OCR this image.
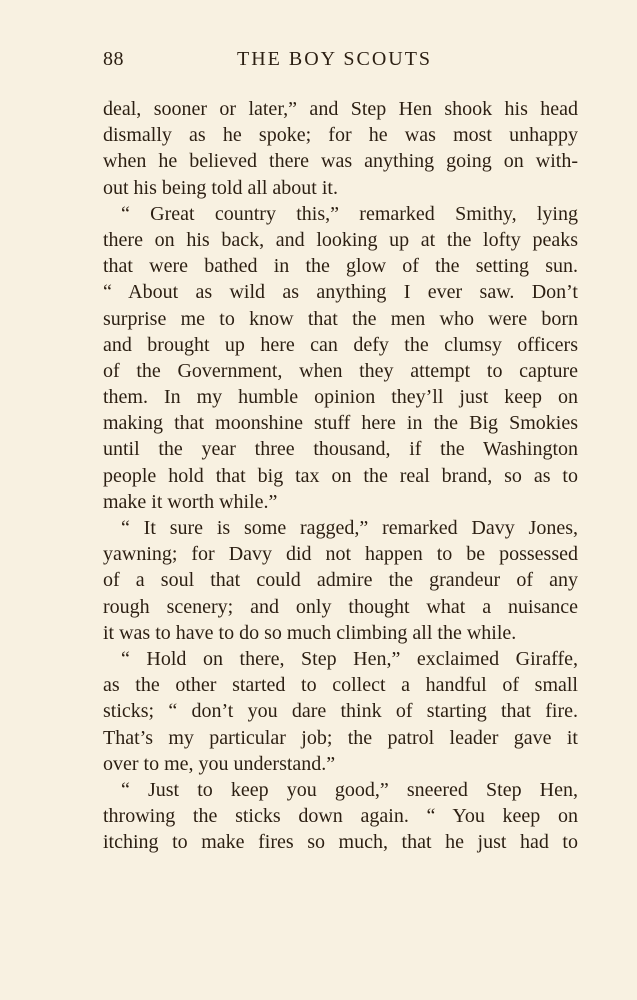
88	THE BOY SCOUTS
deal, sooner or later,” and Step Hen shook his head
dismally as he spoke; for he was most unhappy
when he believed there was anything going on with-
out his being told all about it.
“ Great country this,” remarked Smithy, lying
there on his back, and looking up at the lofty peaks
that were bathed in the glow of the setting sun.
“ About as wild as anything I ever saw. Don’t
surprise me to know that the men who were born
and brought up here can defy the clumsy officers
of the Government, when they attempt to capture
them. In my humble opinion they’ll just keep on
making that moonshine stuff here in the Big Smokies
until the year three thousand, if the Washington
people hold that big tax on the real brand, so as to
make it worth while.”
“ It sure is some ragged,” remarked Davy Jones,
yawning; for Davy did not happen to be possessed
of a soul that could admire the grandeur of any
rough scenery; and only thought what a nuisance
it was to have to do so much climbing all the while.
“ Hold on there, Step Hen,” exclaimed Giraffe,
as the other started to collect a handful of small
sticks; “ don’t you dare think of starting that fire.
That’s my particular job; the patrol leader gave it
over to me, you understand.”
“ Just to keep you good,” sneered Step Hen,
throwing the sticks down again. “ You keep on
itching to make fires so much, that he just had to
